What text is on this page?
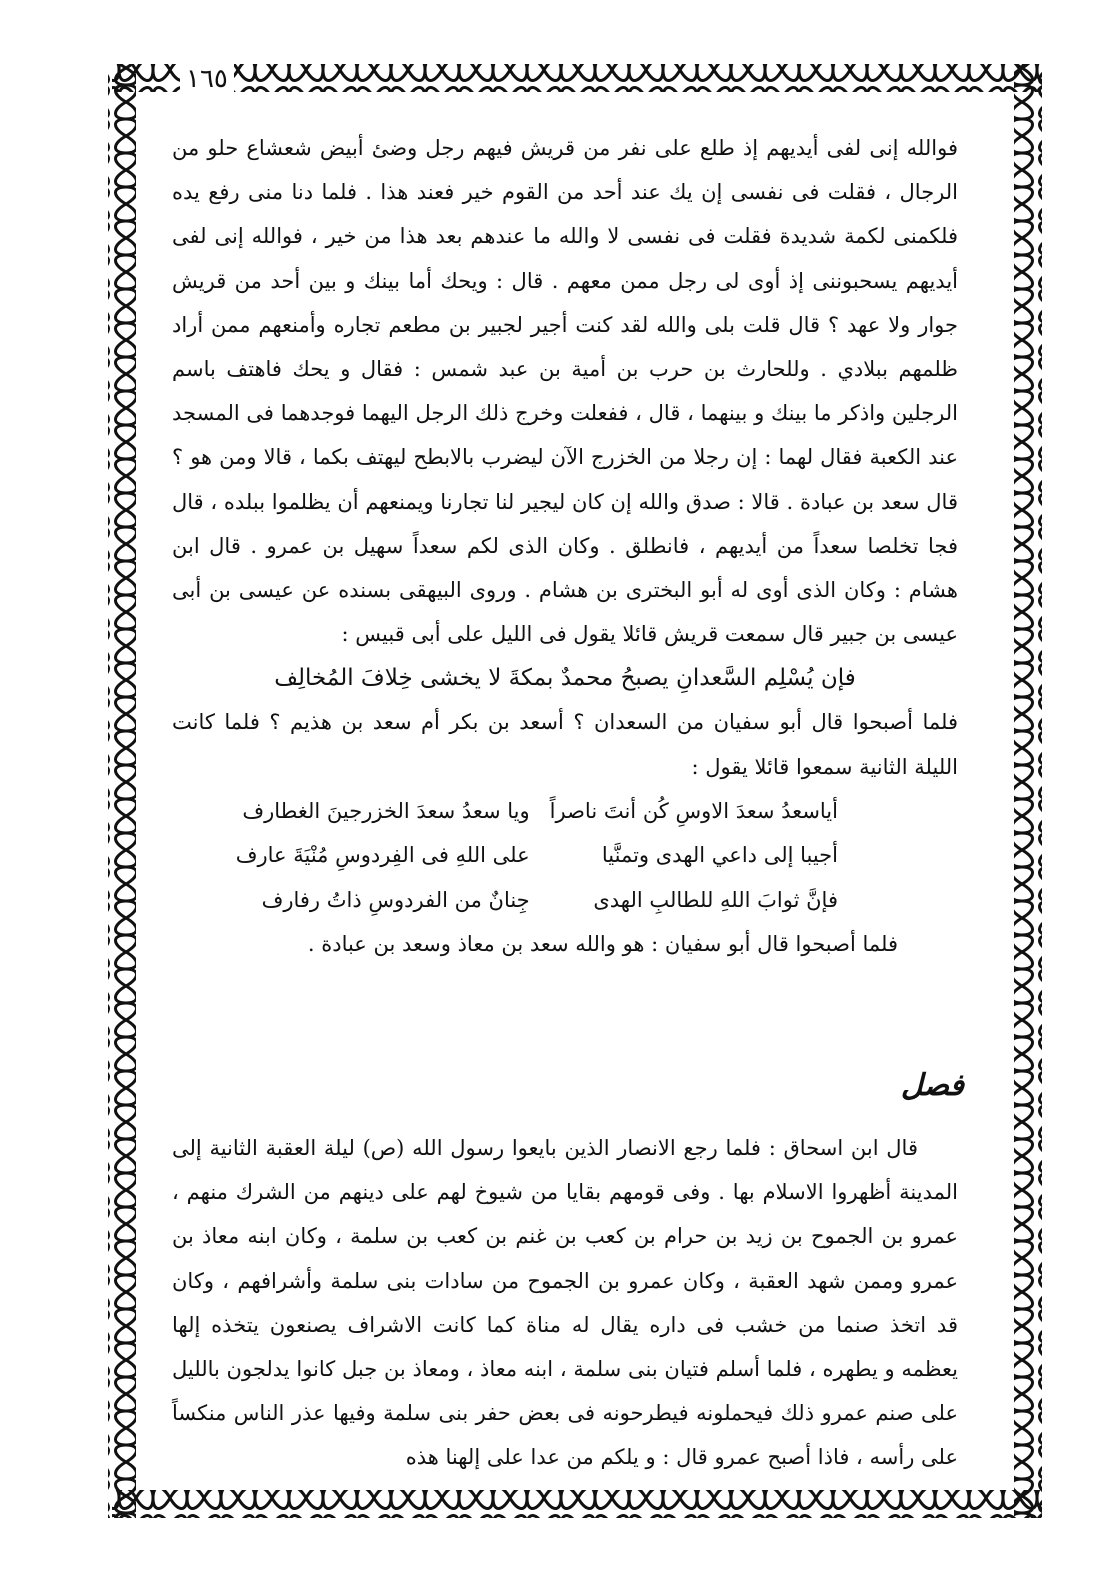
١٦٥

فوالله إنى لفى أيديهم إذ طلع على نفر من قريش فيهم رجل وضئ أبيض شعشاع حلو من الرجال ، فقلت فى نفسى إن يك عند أحد من القوم خير فعند هذا . فلما دنا منى رفع يده فلكمنى لكمة شديدة فقلت فى نفسى لا والله ما عندهم بعد هذا من خير ، فوالله إنى لفى أيديهم يسحبوننى إذ أوى لى رجل ممن معهم . قال : ويحك أما بينك و بين أحد من قريش جوار ولا عهد ؟ قال قلت بلى والله لقد كنت أجير لجبير بن مطعم تجاره وأمنعهم ممن أراد ظلمهم ببلادي . وللحارث بن حرب بن أمية بن عبد شمس : فقال و يحك فاهتف باسم الرجلين واذكر ما بينك و بينهما ، قال ، ففعلت وخرج ذلك الرجل اليهما فوجدهما فى المسجد عند الكعبة فقال لهما : إن رجلا من الخزرج الآن ليضرب بالابطح ليهتف بكما ، قالا ومن هو ؟ قال سعد بن عبادة . قالا : صدق والله إن كان ليجير لنا تجارنا ويمنعهم أن يظلموا ببلده ، قال فجا تخلصا سعداً من أيديهم ، فانطلق . وكان الذى لكم سعداً سهيل بن عمرو . قال ابن هشام : وكان الذى أوى له أبو البخترى بن هشام . وروى البيهقى بسنده عن عيسى بن أبى عيسى بن جبير قال سمعت قريش قائلا يقول فى الليل على أبى قبيس :

فإن يُسْلِم السَّعدانِ يصبحُ محمدٌ بمكةَ لا يخشى خِلافَ المُخالِف

فلما أصبحوا قال أبو سفيان من السعدان ؟ أسعد بن بكر أم سعد بن هذيم ؟ فلما كانت الليلة الثانية سمعوا قائلا يقول :

أياسعدُ سعدَ الاوسِ كُن أنتَ ناصراً	ويا سعدُ سعدَ الخزرجينَ الغطارف
أجيبا إلى داعي الهدى وتمنَّيا	على اللهِ فى الفِردوسِ مُنْيَةَ عارف
فإنَّ ثوابَ اللهِ للطالبِ الهدى	جِنانٌ من الفردوسِ ذاتُ رفارف

فلما أصبحوا قال أبو سفيان : هو والله سعد بن معاذ وسعد بن عبادة .

فصل

قال ابن اسحاق : فلما رجع الانصار الذين بايعوا رسول الله (ص) ليلة العقبة الثانية إلى المدينة أظهروا الاسلام بها . وفى قومهم بقايا من شيوخ لهم على دينهم من الشرك منهم ، عمرو بن الجموح بن زيد بن حرام بن كعب بن غنم بن كعب بن سلمة ، وكان ابنه معاذ بن عمرو وممن شهد العقبة ، وكان عمرو بن الجموح من سادات بنى سلمة وأشرافهم ، وكان قد اتخذ صنما من خشب فى داره يقال له مناة كما كانت الاشراف يصنعون يتخذه إلها يعظمه و يطهره ، فلما أسلم فتيان بنى سلمة ، ابنه معاذ ، ومعاذ بن جبل كانوا يدلجون بالليل على صنم عمرو ذلك فيحملونه فيطرحونه فى بعض حفر بنى سلمة وفيها عذر الناس منكساً على رأسه ، فاذا أصبح عمرو قال : و يلكم من عدا على إلهنا هذه
